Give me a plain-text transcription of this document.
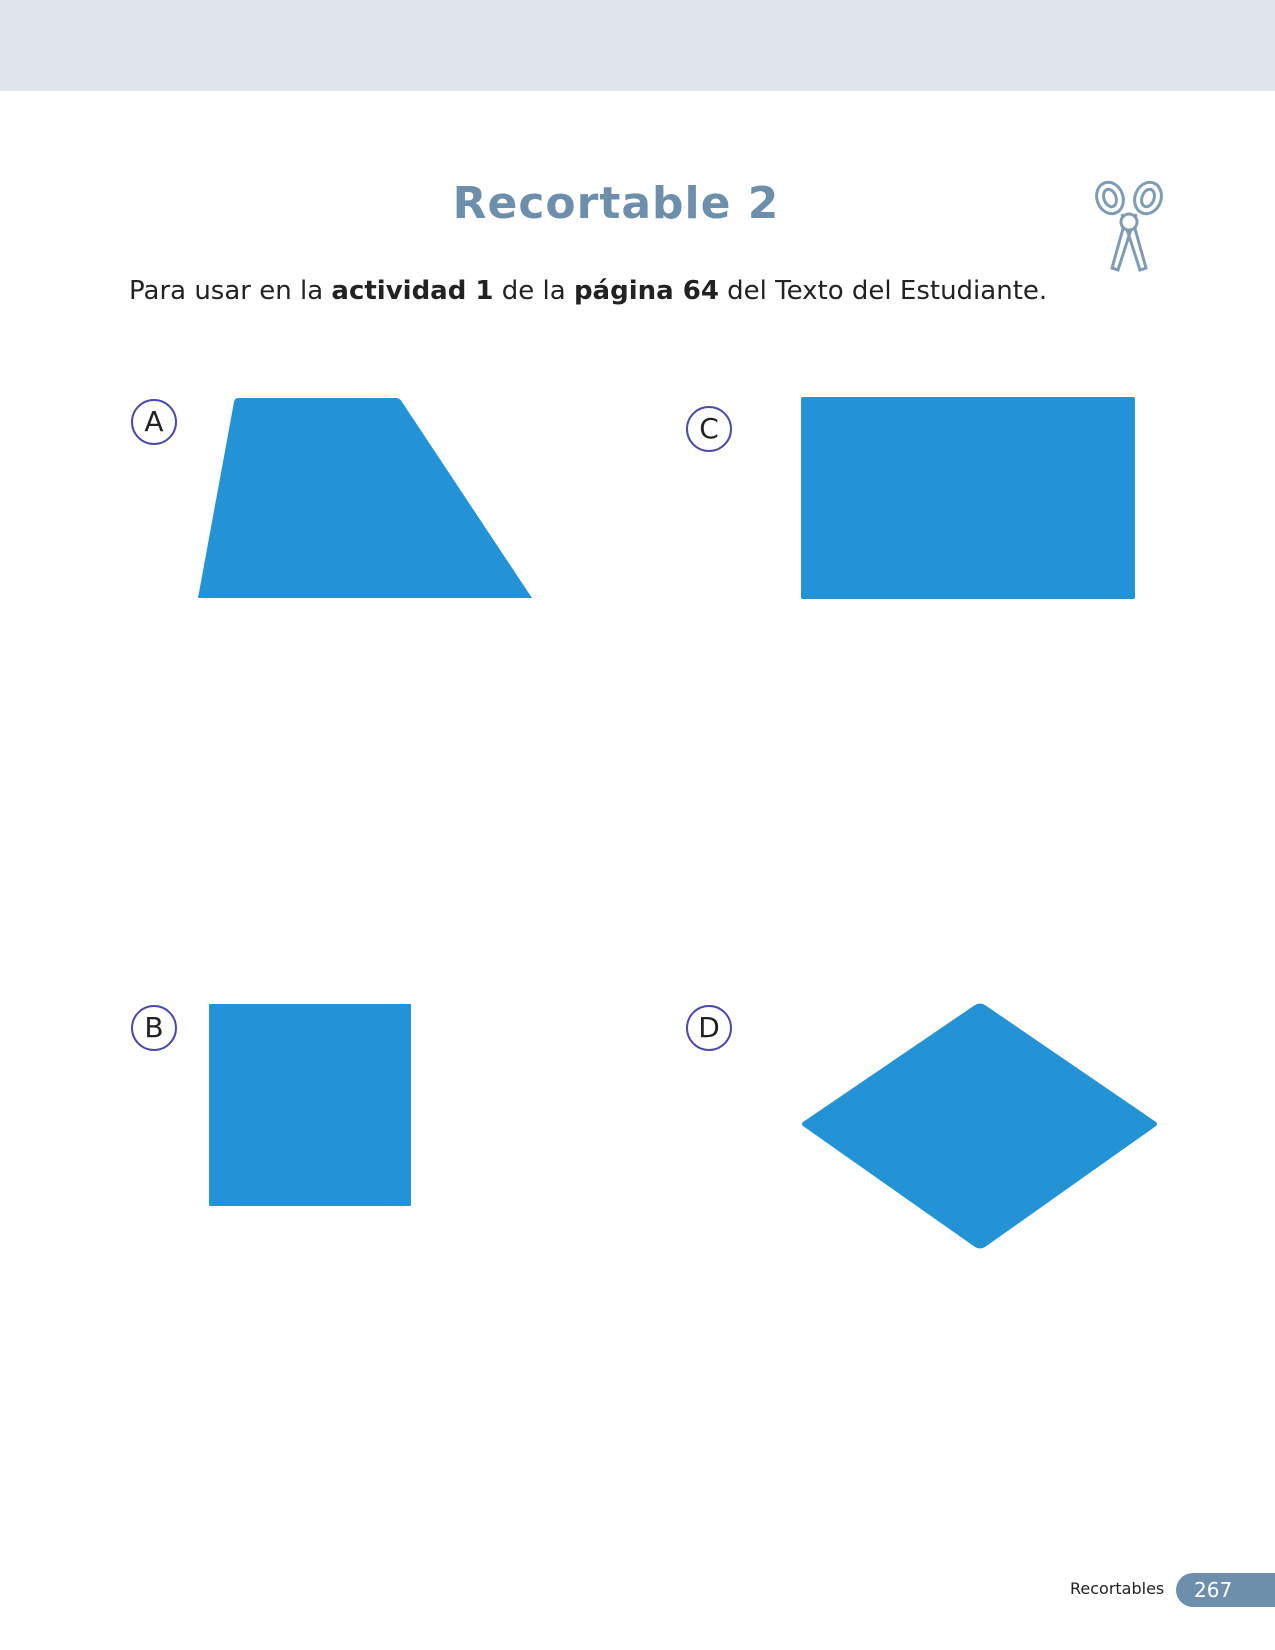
Recortable 2

Para usar en la actividad 1 de la página 64 del Texto del Estudiante.

A	C
B	D
Recortables	267
